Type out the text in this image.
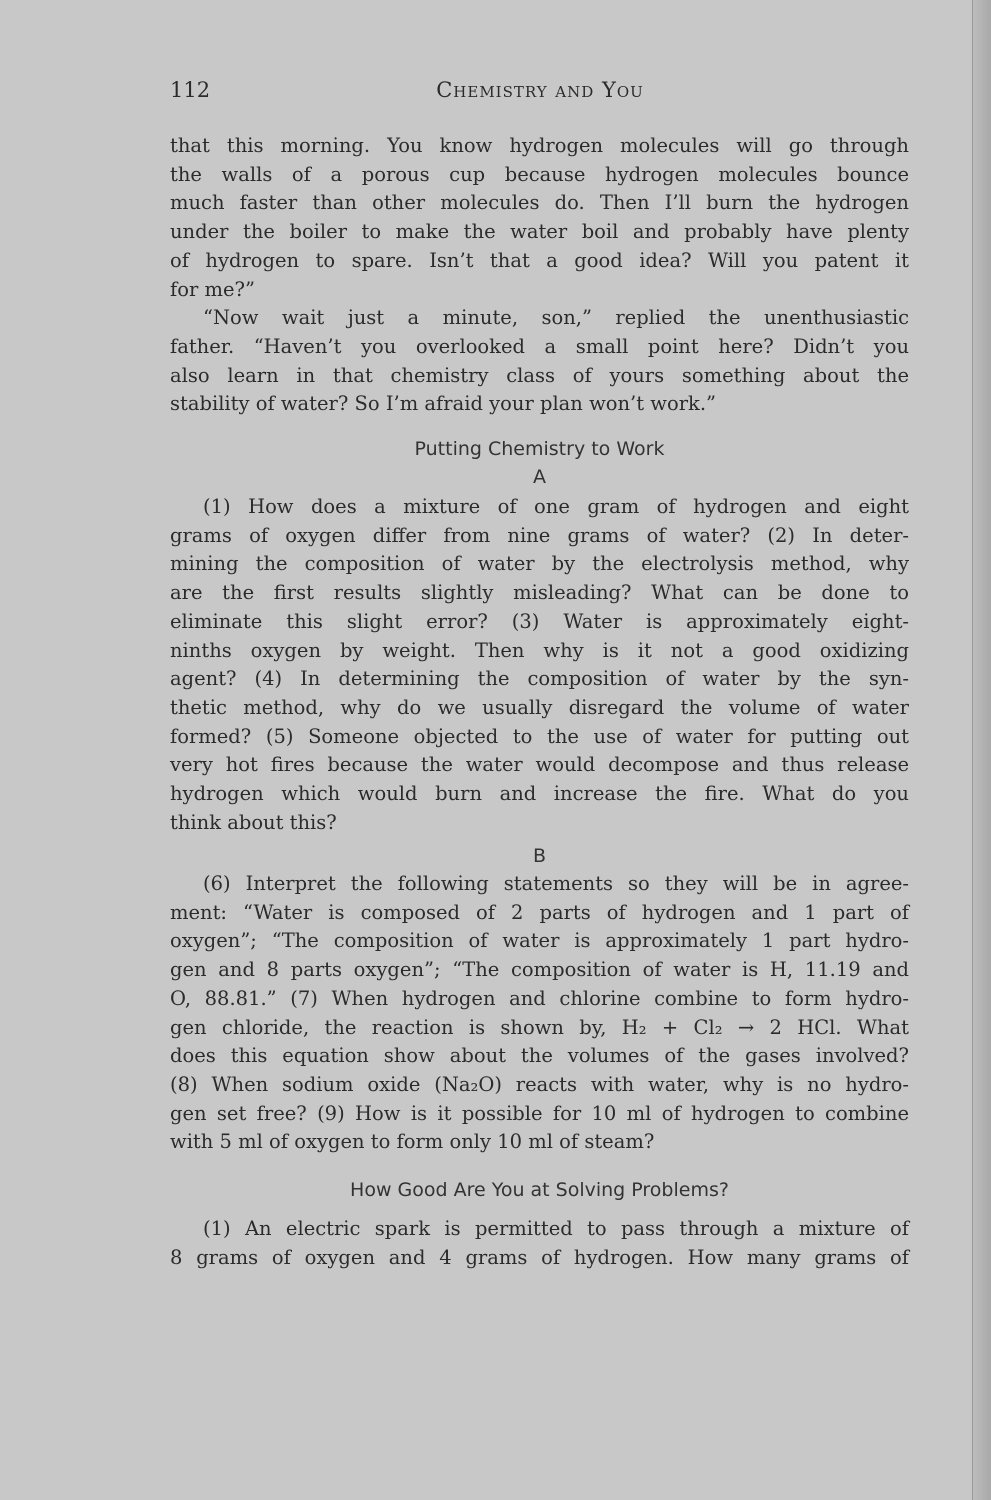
112	Chemistry and You
Putting Chemistry to Work
A
B
How Good Are You at Solving Problems?
that this morning. You know hydrogen molecules will go through
the walls of a porous cup because hydrogen molecules bounce
much faster than other molecules do. Then I’ll burn the hydrogen
under the boiler to make the water boil and probably have plenty
of hydrogen to spare. Isn’t that a good idea? Will you patent it
for me?”
“Now wait just a minute, son,” replied the unenthusiastic
father. “Haven’t you overlooked a small point here? Didn’t you
also learn in that chemistry class of yours something about the
stability of water? So I’m afraid your plan won’t work.”
(1) How does a mixture of one gram of hydrogen and eight
grams of oxygen differ from nine grams of water? (2) In deter-
mining the composition of water by the electrolysis method, why
are the first results slightly misleading? What can be done to
eliminate this slight error? (3) Water is approximately eight-
ninths oxygen by weight. Then why is it not a good oxidizing
agent? (4) In determining the composition of water by the syn-
thetic method, why do we usually disregard the volume of water
formed? (5) Someone objected to the use of water for putting out
very hot fires because the water would decompose and thus release
hydrogen which would burn and increase the fire. What do you
think about this?
(6) Interpret the following statements so they will be in agree-
ment: “Water is composed of 2 parts of hydrogen and 1 part of
oxygen”; “The composition of water is approximately 1 part hydro-
gen and 8 parts oxygen”; “The composition of water is H, 11.19 and
O, 88.81.” (7) When hydrogen and chlorine combine to form hydro-
gen chloride, the reaction is shown by, H₂ + Cl₂ → 2 HCl. What
does this equation show about the volumes of the gases involved?
(8) When sodium oxide (Na₂O) reacts with water, why is no hydro-
gen set free? (9) How is it possible for 10 ml of hydrogen to combine
with 5 ml of oxygen to form only 10 ml of steam?
(1) An electric spark is permitted to pass through a mixture of
8 grams of oxygen and 4 grams of hydrogen. How many grams of
